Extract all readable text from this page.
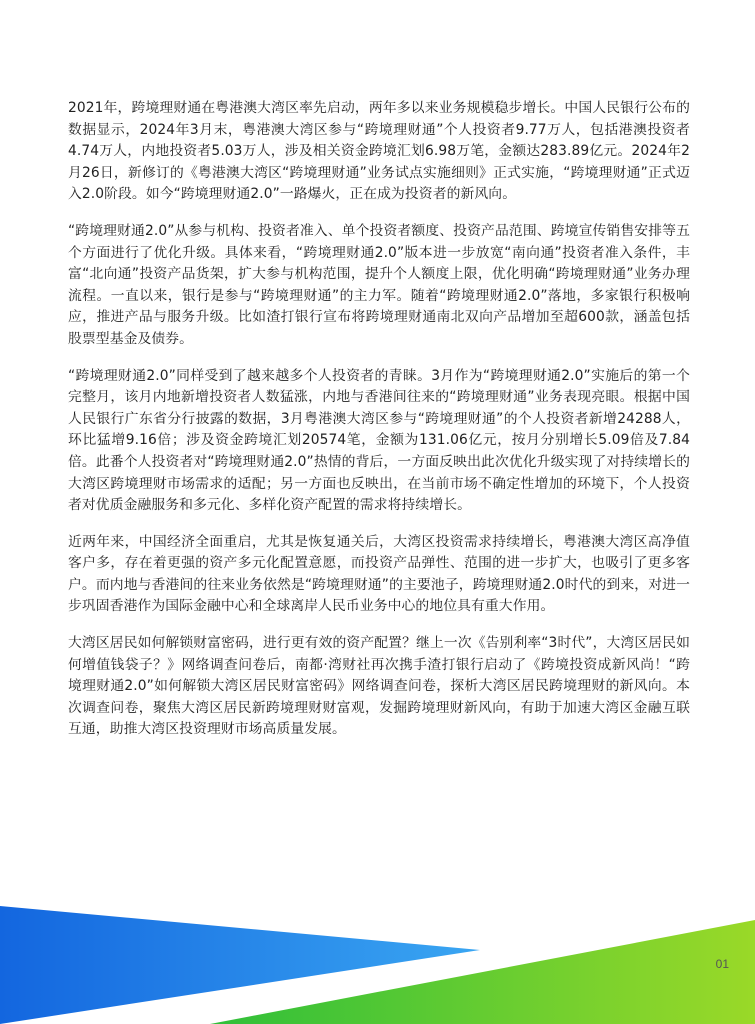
2021年，跨境理财通在粤港澳大湾区率先启动，两年多以来业务规模稳步增长。中国人民银行公布的数据显示，2024年3月末，粤港澳大湾区参与“跨境理财通”个人投资者9.77万人，包括港澳投资者4.74万人，内地投资者5.03万人，涉及相关资金跨境汇划6.98万笔，金额达283.89亿元。2024年2月26日，新修订的《粤港澳大湾区“跨境理财通”业务试点实施细则》正式实施，“跨境理财通”正式迈入2.0阶段。如今“跨境理财通2.0”一路爆火，正在成为投资者的新风向。

“跨境理财通2.0”从参与机构、投资者准入、单个投资者额度、投资产品范围、跨境宣传销售安排等五个方面进行了优化升级。具体来看，“跨境理财通2.0”版本进一步放宽“南向通”投资者准入条件，丰富“北向通”投资产品货架，扩大参与机构范围，提升个人额度上限，优化明确“跨境理财通”业务办理流程。一直以来，银行是参与“跨境理财通”的主力军。随着“跨境理财通2.0”落地，多家银行积极响应，推进产品与服务升级。比如渣打银行宣布将跨境理财通南北双向产品增加至超600款，涵盖包括股票型基金及债券。

“跨境理财通2.0”同样受到了越来越多个人投资者的青睐。3月作为“跨境理财通2.0”实施后的第一个完整月，该月内地新增投资者人数猛涨，内地与香港间往来的“跨境理财通”业务表现亮眼。根据中国人民银行广东省分行披露的数据，3月粤港澳大湾区参与“跨境理财通”的个人投资者新增24288人，环比猛增9.16倍；涉及资金跨境汇划20574笔，金额为131.06亿元，按月分别增长5.09倍及7.84倍。此番个人投资者对“跨境理财通2.0”热情的背后，一方面反映出此次优化升级实现了对持续增长的大湾区跨境理财市场需求的适配；另一方面也反映出，在当前市场不确定性增加的环境下，个人投资者对优质金融服务和多元化、多样化资产配置的需求将持续增长。

近两年来，中国经济全面重启，尤其是恢复通关后，大湾区投资需求持续增长，粤港澳大湾区高净值客户多，存在着更强的资产多元化配置意愿，而投资产品弹性、范围的进一步扩大，也吸引了更多客户。而内地与香港间的往来业务依然是“跨境理财通”的主要池子，跨境理财通2.0时代的到来，对进一步巩固香港作为国际金融中心和全球离岸人民币业务中心的地位具有重大作用。

大湾区居民如何解锁财富密码，进行更有效的资产配置？继上一次《告别利率“3时代”，大湾区居民如何增值钱袋子？》网络调查问卷后，南都·湾财社再次携手渣打银行启动了《跨境投资成新风尚！“跨境理财通2.0”如何解锁大湾区居民财富密码》网络调查问卷，探析大湾区居民跨境理财的新风向。本次调查问卷，聚焦大湾区居民新跨境理财财富观，发掘跨境理财新风向，有助于加速大湾区金融互联互通，助推大湾区投资理财市场高质量发展。

01
